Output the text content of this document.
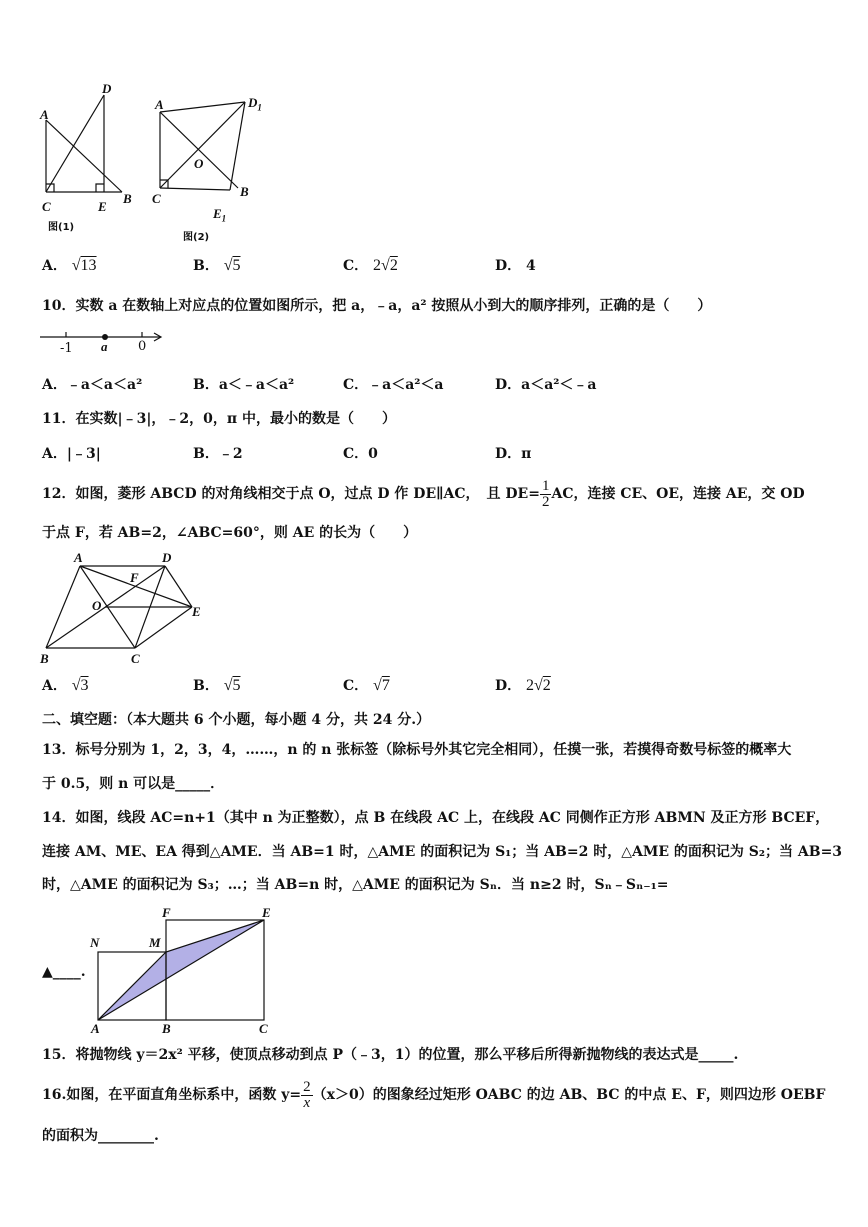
A
D
C	E
B
图(1)
A	$D_1$
O
C
$E_1$
B
图(2)
A． √13	B． √5	C． 2√2	D． 4
10．实数 a 在数轴上对应点的位置如图所示，把 a，﹣a，a² 按照从小到大的顺序排列，正确的是（　　）
-1 a 0
A．﹣a＜a＜a²	B．a＜﹣a＜a²	C．﹣a＜a²＜a	D．a＜a²＜﹣a
11．在实数|﹣3|，﹣2，0，π 中，最小的数是（　　）
A．|﹣3|	B．﹣2	C．0	D．π
12．如图，菱形 ABCD 的对角线相交于点 O，过点 D 作 DE∥AC，　且 $DE= \frac{1}{2}$ AC，连接 CE、OE，连接 AE，交 OD
于点 F，若 AB=2，∠ABC=60°，则 AE 的长为（　　）
A	D
F
O	E
B	C
A． √3	B． √5	C． √7	D． 2√2
二、填空题：（本大题共 6 个小题，每小题 4 分，共 24 分.）
13．标号分别为 1，2，3，4，……，n 的 n 张标签（除标号外其它完全相同），任摸一张，若摸得奇数号标签的概率大
于 0.5，则 n 可以是_____．
14．如图，线段 AC=n+1（其中 n 为正整数），点 B 在线段 AC 上，在线段 AC 同侧作正方形 ABMN 及正方形 BCEF，
连接 AM、ME、EA 得到△AME．当 AB=1 时，△AME 的面积记为 S₁；当 AB=2 时，△AME 的面积记为 S₂；当 AB=3
时，△AME 的面积记为 S₃；…；当 AB=n 时，△AME 的面积记为 Sₙ．当 n≥2 时，Sₙ﹣Sₙ₋₁=
F	E
N	M
A	B	C
▲____.
15．将抛物线 y＝2x² 平移，使顶点移动到点 P（﹣3，1）的位置，那么平移后所得新抛物线的表达式是_____.
16.如图，在平面直角坐标系中，函数 $y= \frac{2}{x} (x>0)$的图象经过矩形 OABC 的边 AB、BC 的中点 E、F，则四边形 OEBF
的面积为________.
